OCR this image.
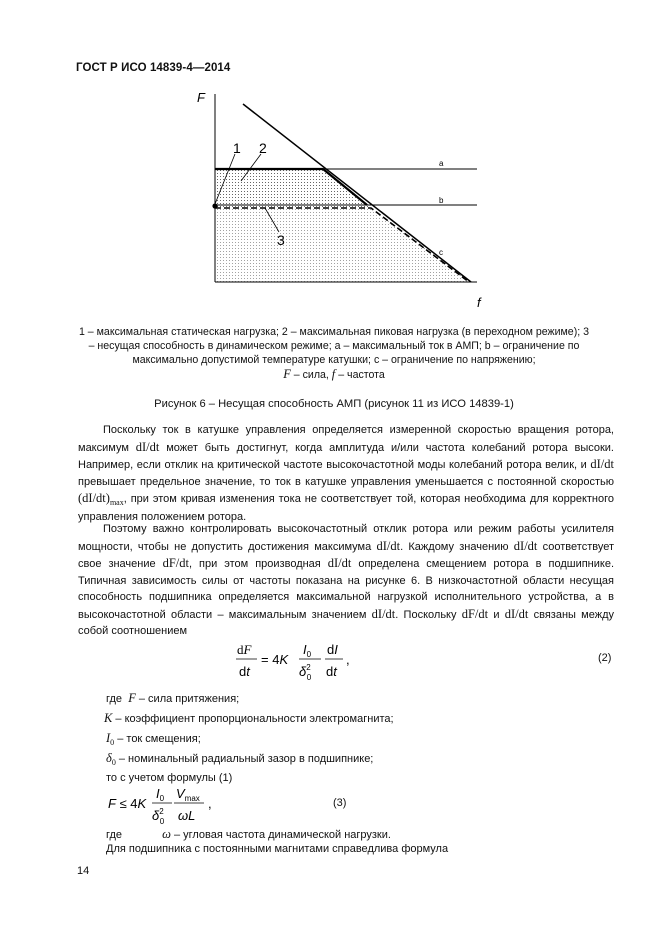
ГОСТ Р ИСО 14839-4—2014
F
f
1 2
3
a
b
c
1 – максимальная статическая нагрузка; 2 – максимальная пиковая нагрузка (в переходном режиме); 3
– несущая способность в динамическом режиме; a – максимальный ток в АМП; b – ограничение по
максимально допустимой температуре катушки; c – ограничение по напряжению;
F – сила, f – частота
Рисунок 6 – Несущая способность АМП (рисунок 11 из ИСО 14839-1)

Поскольку ток в катушке управления определяется измеренной скоростью вращения ротора, максимум dI/dt может быть достигнут, когда амплитуда и/или частота колебаний ротора высоки. Например, если отклик на критической частоте высокочастотной моды колебаний ротора велик, и dI/dt превышает предельное значение, то ток в катушке управления уменьшается с постоянной скоростью $(dI/dt)_{max}$, при этом кривая изменения тока не соответствует той, которая необходима для корректного управления положением ротора.

Поэтому важно контролировать высокочастотный отклик ротора или режим работы усилителя мощности, чтобы не допустить достижения максимума dI/dt. Каждому значению dI/dt соответствует свое значение dF/dt, при этом производная dI/dt определена смещением ротора в подшипнике. Типичная зависимость силы от частоты показана на рисунке 6. В низкочастотной области несущая способность подшипника определяется максимальной нагрузкой исполнительного устройства, а в высокочастотной области – максимальным значением dI/dt. Поскольку dF/dt и dI/dt связаны между собой соотношением

dF
dt
= 4K
$I_0$
$\delta^2$ 0
dI
dt
,	(2)
где F – сила притяжения;
K – коэффициент пропорциональности электромагнита;
$I_0$ – ток смещения;
$\delta_0$ – номинальный радиальный зазор в подшипнике;
то с учетом формулы (1)
F ≤ 4K
$I_0$
$\delta^2$ 0
$V_{max}$
ωL
,	(3)
где	ω – угловая частота динамической нагрузки.
Для подшипника с постоянными магнитами справедлива формула
14
